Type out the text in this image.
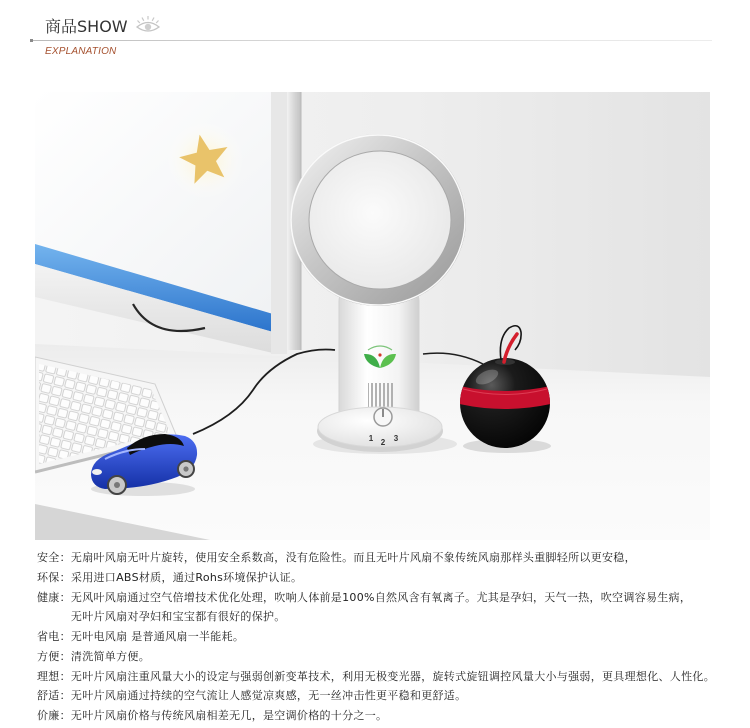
商品SHOW
EXPLANATION
1 2 3
安全： 无扇叶风扇无叶片旋转，使用安全系数高，没有危险性。而且无叶片风扇不象传统风扇那样头重脚轻所以更安稳，
环保： 采用进口ABS材质，通过Rohs环境保护认证。
健康： 无风叶风扇通过空气倍增技术优化处理，吹响人体前是100%自然风含有氧离子。尤其是孕妇，天气一热，吹空调容易生病，
无叶片风扇对孕妇和宝宝都有很好的保护。
省电： 无叶电风扇 是普通风扇一半能耗。
方便： 清洗简单方便。
理想： 无叶片风扇注重风量大小的设定与强弱创新变革技术，利用无极变光器，旋转式旋钮调控风量大小与强弱，更具理想化、人性化。
舒适： 无叶片风扇通过持续的空气流让人感觉凉爽感，无一丝冲击性更平稳和更舒适。
价廉： 无叶片风扇价格与传统风扇相差无几，是空调价格的十分之一。
